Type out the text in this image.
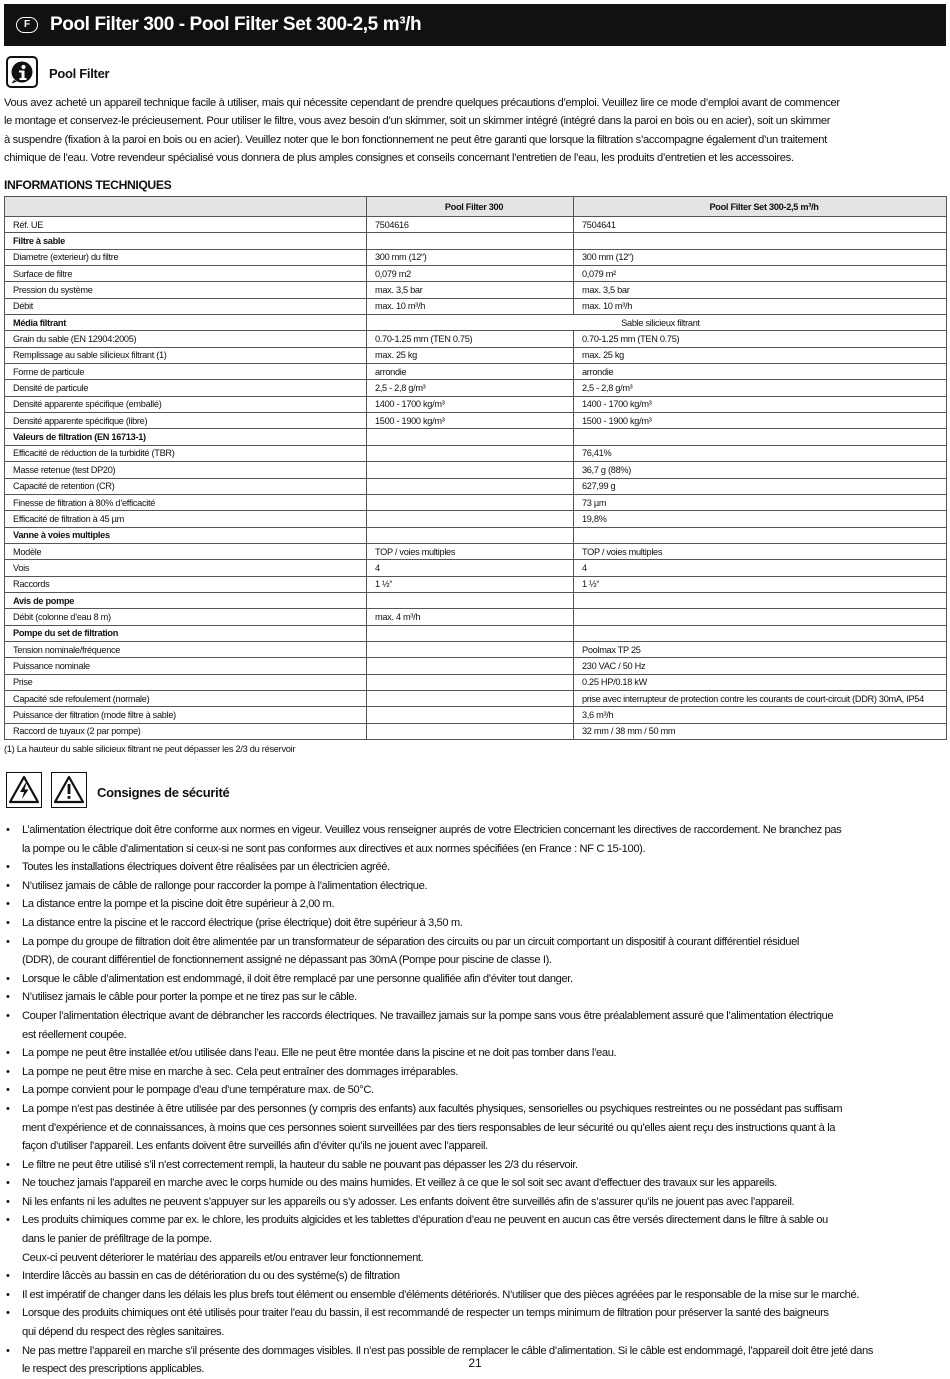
F	Pool Filter 300 - Pool Filter Set 300-2,5 m³/h
Pool Filter
Vous avez acheté un appareil technique facile à utiliser, mais qui nécessite cependant de prendre quelques précautions d’emploi. Veuillez lire ce mode d’emploi avant de commencer
le montage et conservez-le précieusement. Pour utiliser le filtre, vous avez besoin d’un skimmer, soit un skimmer intégré (intégré dans la paroi en bois ou en acier), soit un skimmer
à suspendre (fixation à la paroi en bois ou en acier). Veuillez noter que le bon fonctionnement ne peut être garanti que lorsque la filtration s’accompagne également d’un traitement
chimique de l’eau. Votre revendeur spécialisé vous donnera de plus amples consignes et conseils concernant l’entretien de l’eau, les produits d’entretien et les accessoires.
INFORMATIONS TECHNIQUES
	Pool Filter 300	Pool Filter Set 300-2,5 m³/h
Réf. UE	7504616	7504641
Filtre à sable		
Diametre (exterieur) du filtre	300 mm (12“)	300 mm (12“)
Surface de filtre	0,079 m2	0,079 m²
Pression du système	max. 3,5 bar	max. 3,5 bar
Débit	max. 10 m³/h	max. 10 m³/h
Média filtrant	Sable silicieux filtrant	
Grain du sable (EN 12904:2005)	0.70-1.25 mm (TEN 0.75)	0.70-1.25 mm (TEN 0.75)
Remplissage au sable silicieux filtrant (1)	max. 25 kg	max. 25 kg
Forme de particule	arrondie	arrondie
Densité de particule	2,5 - 2,8 g/m³	2,5 - 2,8 g/m³
Densité apparente spécifique (emballé)	1400 - 1700 kg/m³	1400 - 1700 kg/m³
Densité apparente spécifique (libre)	1500 - 1900 kg/m³	1500 - 1900 kg/m³
Valeurs de filtration (EN 16713-1)		
Efficacité de réduction de la turbidité (TBR)		76,41%
Masse retenue (test DP20)		36,7 g (88%)
Capacité de retention (CR)		627,99 g
Finesse de filtration à 80% d’efficacité		73 µm
Efficacité de filtration à 45 µm		19,8%
Vanne à voies multiples		
Modèle	TOP / voies multiples	TOP / voies multiples
Vois	4	4
Raccords	1 ½“	1 ½“
Avis de pompe		
Débit (colonne d’eau 8 m)	max. 4 m³/h	
Pompe du set de filtration		
Tension nominale/fréquence		Poolmax TP 25
Puissance nominale		230 VAC / 50 Hz
Prise		0.25 HP/0.18 kW
Capacité sde refoulement (normale)		prise avec interrupteur de protection contre les courants de court-circuit (DDR) 30mA, IP54
Puissance der filtration (mode filtre à sable)		3,6 m³/h
Raccord de tuyaux (2 par pompe)		32 mm / 38 mm / 50 mm
(1) La hauteur du sable silicieux filtrant ne peut dépasser les 2/3 du réservoir
Consignes de sécurité
• L’alimentation électrique doit être conforme aux normes en vigeur. Veuillez vous renseigner auprés de votre Electricien concernant les directives de raccordement. Ne branchez pas
la pompe ou le câble d’alimentation si ceux-si ne sont pas conformes aux directives et aux normes spécifiées (en France : NF C 15-100).
• Toutes les installations électriques doivent être réalisées par un électricien agréé.
• N’utilisez jamais de câble de rallonge pour raccorder la pompe à l’alimentation électrique.
• La distance entre la pompe et la piscine doit être supérieur à 2,00 m.
• La distance entre la piscine et le raccord électrique (prise électrique) doit être supérieur à 3,50 m.
• La pompe du groupe de filtration doit être alimentée par un transformateur de séparation des circuits ou par un circuit comportant un dispositif à courant différentiel résiduel
(DDR), de courant différentiel de fonctionnement assigné ne dépassant pas 30mA (Pompe pour piscine de classe I).
• Lorsque le câble d’alimentation est endommagé, il doit être remplacé par une personne qualifiée afin d’éviter tout danger.
• N’utilisez jamais le câble pour porter la pompe et ne tirez pas sur le câble.
• Couper l’alimentation électrique avant de débrancher les raccords électriques. Ne travaillez jamais sur la pompe sans vous être préalablement assuré que l’alimentation électrique
est réellement coupée.
• La pompe ne peut être installée et/ou utilisée dans l’eau. Elle ne peut être montée dans la piscine et ne doit pas tomber dans l’eau.
• La pompe ne peut être mise en marche à sec. Cela peut entraîner des dommages irréparables.
• La pompe convient pour le pompage d’eau d’une température max. de 50°C.
• La pompe n’est pas destinée à être utilisée par des personnes (y compris des enfants) aux facultés physiques, sensorielles ou psychiques restreintes ou ne possédant pas suffisam
ment d’expérience et de connaissances, à moins que ces personnes soient surveillées par des tiers responsables de leur sécurité ou qu’elles aient reçu des instructions quant à la
façon d’utiliser l’appareil. Les enfants doivent être surveillés afin d’éviter qu’ils ne jouent avec l’appareil.
• Le filtre ne peut être utilisé s’il n’est correctement rempli, la hauteur du sable ne pouvant pas dépasser les 2/3 du réservoir.
• Ne touchez jamais l’appareil en marche avec le corps humide ou des mains humides. Et veillez à ce que le sol soit sec avant d’effectuer des travaux sur les appareils.
• Ni les enfants ni les adultes ne peuvent s’appuyer sur les appareils ou s’y adosser. Les enfants doivent être surveillés afin de s’assurer qu’ils ne jouent pas avec l’appareil.
• Les produits chimiques comme par ex. le chlore, les produits algicides et les tablettes d’épuration d’eau ne peuvent en aucun cas être versés directement dans le filtre à sable ou
dans le panier de préfiltrage de la pompe.
Ceux-ci peuvent déteriorer le matériau des appareils et/ou entraver leur fonctionnement.
• Interdire lâccès au bassin en cas de détérioration du ou des systéme(s) de filtration
• Il est impératif de changer dans les délais les plus brefs tout élément ou ensemble d’éléments détériorés. N’utiliser que des pièces agréées par le responsable de la mise sur le marché.
• Lorsque des produits chimiques ont été utilisés pour traiter l’eau du bassin, il est recommandé de respecter un temps minimum de filtration pour préserver la santé des baigneurs
qui dépend du respect des règles sanitaires.
• Ne pas mettre l’appareil en marche s’il présente des dommages visibles. Il n’est pas possible de remplacer le câble d’alimentation. Si le câble est endommagé, l’appareil doit être jeté dans
le respect des prescriptions applicables.	21
